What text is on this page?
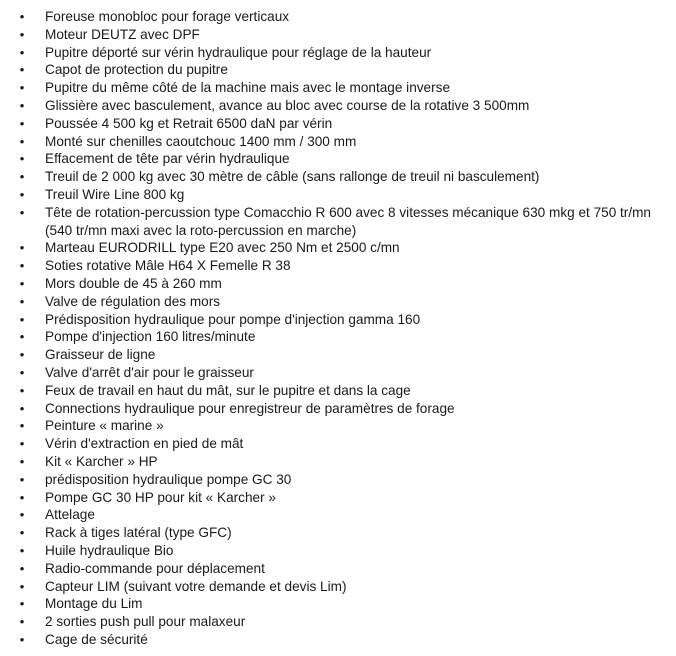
• Foreuse monobloc pour forage verticaux
• Moteur DEUTZ avec DPF
• Pupitre déporté sur vérin hydraulique pour réglage de la hauteur
• Capot de protection du pupitre
• Pupitre du même côté de la machine mais avec le montage inverse
• Glissière avec basculement, avance au bloc avec course de la rotative 3 500mm
• Poussée 4 500 kg et Retrait 6500 daN par vérin
• Monté sur chenilles caoutchouc 1400 mm / 300 mm
• Effacement de tête par vérin hydraulique
• Treuil de 2 000 kg avec 30 mètre de câble (sans rallonge de treuil ni basculement)
• Treuil Wire Line 800 kg
• Tête de rotation-percussion type Comacchio R 600 avec 8 vitesses mécanique 630 mkg et 750 tr/mn (540 tr/mn maxi avec la roto-percussion en marche)
• Marteau EURODRILL type E20 avec 250 Nm et 2500 c/mn
• Soties rotative Mâle H64 X Femelle R 38
• Mors double de 45 à 260 mm
• Valve de régulation des mors
• Prédisposition hydraulique pour pompe d'injection gamma 160
• Pompe d'injection 160 litres/minute
• Graisseur de ligne
• Valve d'arrêt d'air pour le graisseur
• Feux de travail en haut du mât, sur le pupitre et dans la cage
• Connections hydraulique pour enregistreur de paramètres de forage
• Peinture « marine »
• Vérin d'extraction en pied de mât
• Kit « Karcher » HP
• prédisposition hydraulique pompe GC 30
• Pompe GC 30 HP pour kit « Karcher »
• Attelage
• Rack à tiges latéral (type GFC)
• Huile hydraulique Bio
• Radio-commande pour déplacement
• Capteur LIM (suivant votre demande et devis Lim)
• Montage du Lim
• 2 sorties push pull pour malaxeur
• Cage de sécurité
